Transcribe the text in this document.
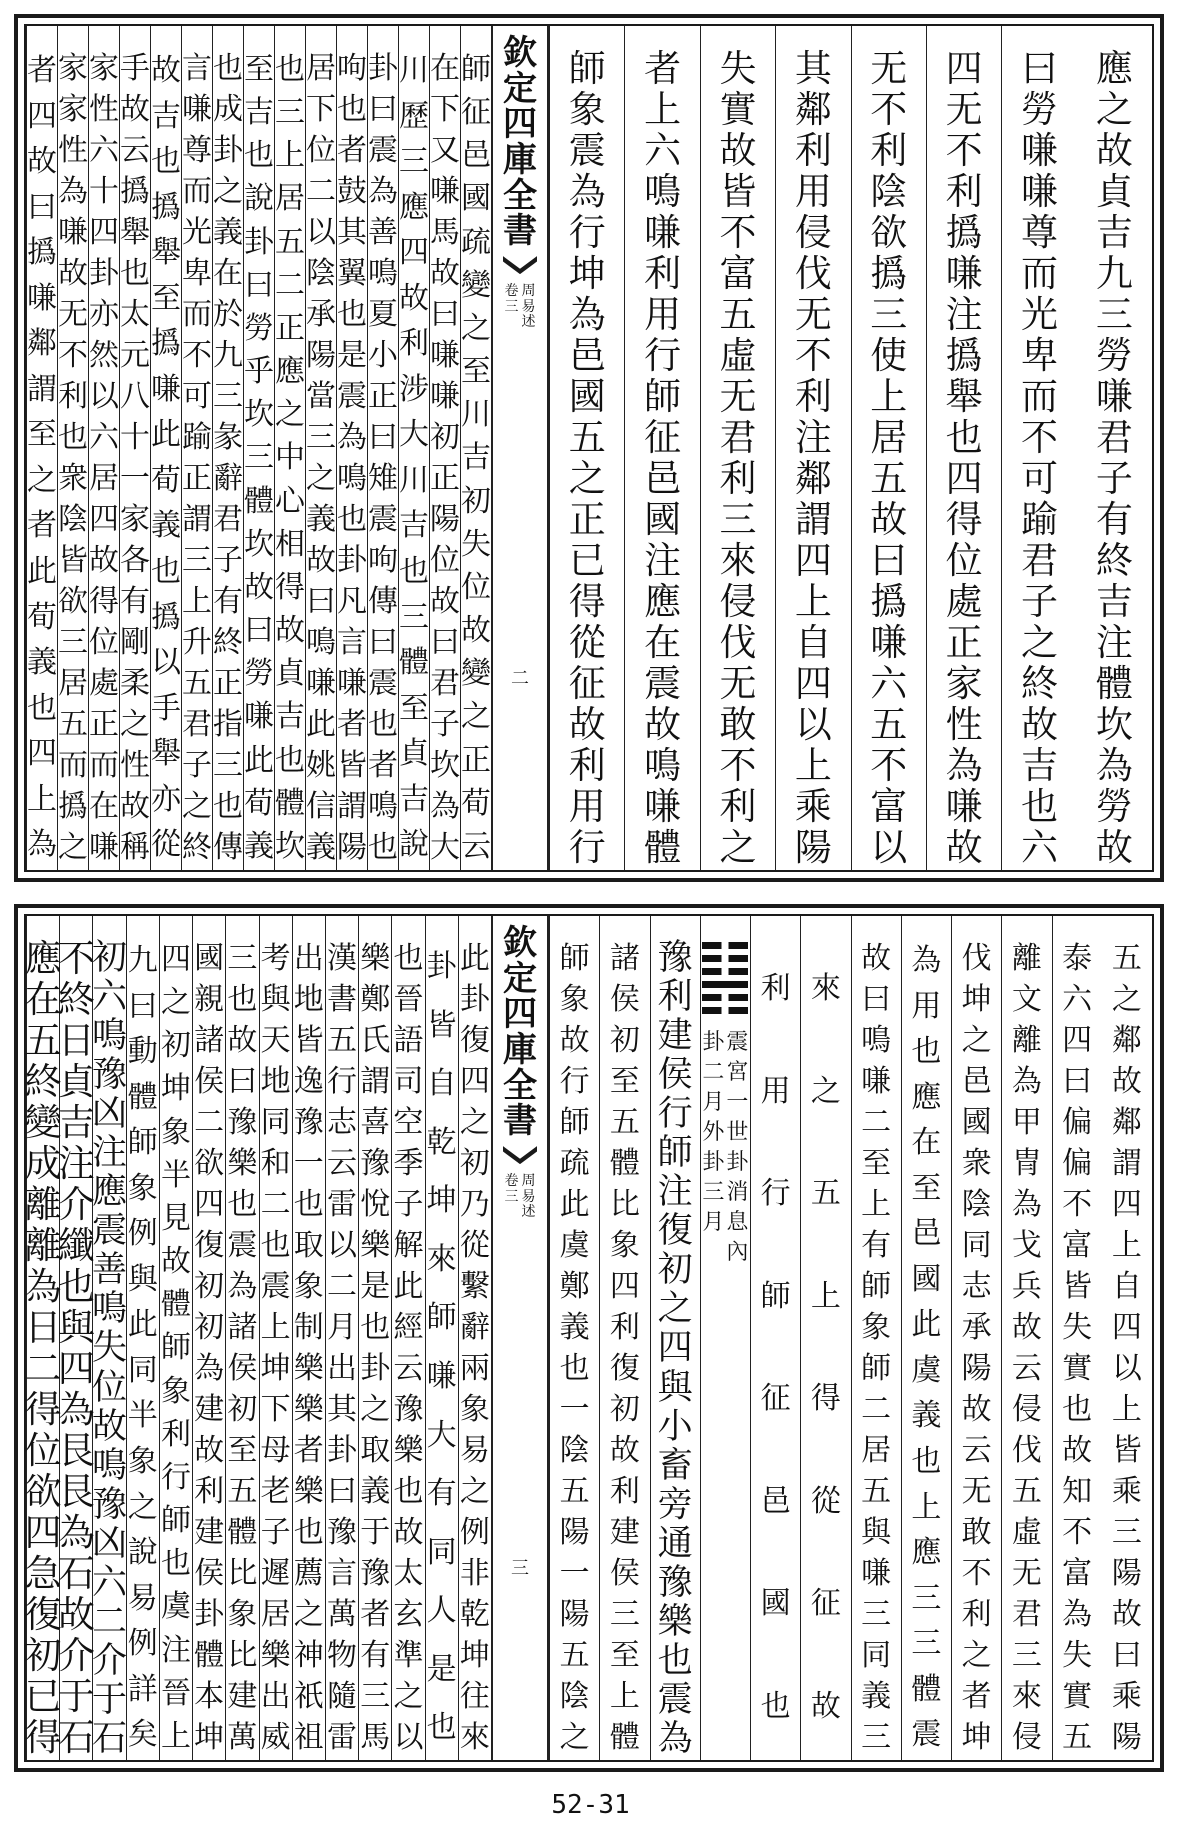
應
之
故
貞
吉
九
三
勞
嗛
君
子
有
終
吉
注
體
坎
為
勞
故
曰
勞
嗛
嗛
尊
而
光
卑
而
不
可
踰
君
子
之
終
故
吉
也
六
四
无
不
利
撝
嗛
注
撝
舉
也
四
得
位
處
正
家
性
為
嗛
故
无
不
利
陰
欲
撝
三
使
上
居
五
故
曰
撝
嗛
六
五
不
富
以
其
鄰
利
用
侵
伐
无
不
利
注
鄰
謂
四
上
自
四
以
上
乘
陽
失
實
故
皆
不
富
五
虛
无
君
利
三
來
侵
伐
无
敢
不
利
之
者
上
六
鳴
嗛
利
用
行
師
征
邑
國
注
應
在
震
故
鳴
嗛
體
師
象
震
為
行
坤
為
邑
國
五
之
正
已
得
從
征
故
利
用
行
欽
定
四
庫
全
書
周
易
述
卷
三
二
師
征
邑
國
疏
變
之
至
川
吉
初
失
位
故
變
之
正
荀
云
在
下
又
嗛
馬
故
曰
嗛
嗛
初
正
陽
位
故
曰
君
子
坎
為
大
川
歷
三
應
四
故
利
涉
大
川
吉
也
三
體
至
貞
吉
說
卦
曰
震
為
善
鳴
夏
小
正
曰
雉
震
呴
傳
曰
震
也
者
鳴
也
呴
也
者
鼓
其
翼
也
是
震
為
鳴
也
卦
凡
言
嗛
者
皆
謂
陽
居
下
位
二
以
陰
承
陽
當
三
之
義
故
曰
鳴
嗛
此
姚
信
義
也
三
上
居
五
二
正
應
之
中
心
相
得
故
貞
吉
也
體
坎
至
吉
也
說
卦
曰
勞
乎
坎
三
體
坎
故
曰
勞
嗛
此
荀
義
也
成
卦
之
義
在
於
九
三
彖
辭
君
子
有
終
正
指
三
也
傳
言
嗛
尊
而
光
卑
而
不
可
踰
正
謂
三
上
升
五
君
子
之
終
故
吉
也
撝
舉
至
撝
嗛
此
荀
義
也
撝
以
手
舉
亦
從
手
故
云
撝
舉
也
太
元
八
十
一
家
各
有
剛
柔
之
性
故
稱
家
性
六
十
四
卦
亦
然
以
六
居
四
故
得
位
處
正
而
在
嗛
家
家
性
為
嗛
故
无
不
利
也
衆
陰
皆
欲
三
居
五
而
撝
之
者
四
故
曰
撝
嗛
鄰
謂
至
之
者
此
荀
義
也
四
上
為
五
之
鄰
故
鄰
謂
四
上
自
四
以
上
皆
乘
三
陽
故
曰
乘
陽
泰
六
四
曰
偏
偏
不
富
皆
失
實
也
故
知
不
富
為
失
實
五
離
文
離
為
甲
冑
為
戈
兵
故
云
侵
伐
五
虛
无
君
三
來
侵
伐
坤
之
邑
國
衆
陰
同
志
承
陽
故
云
无
敢
不
利
之
者
坤
為
用
也
應
在
至
邑
國
此
虞
義
也
上
應
三
三
體
震
故
曰
鳴
嗛
二
至
上
有
師
象
師
二
居
五
與
嗛
三
同
義
三
來
之
五
上
得
從
征
故
利
用
行
師
征
邑
國
也
震
宮
一
世
卦
消
息
內
卦
二
月
外
卦
三
月
豫
利
建
侯
行
師
注
復
初
之
四
與
小
畜
旁
通
豫
樂
也
震
為
諸
侯
初
至
五
體
比
象
四
利
復
初
故
利
建
侯
三
至
上
體
師
象
故
行
師
疏
此
虞
鄭
義
也
一
陰
五
陽
一
陽
五
陰
之
欽
定
四
庫
全
書
周
易
述
卷
三
三
此
卦
復
四
之
初
乃
從
繫
辭
兩
象
易
之
例
非
乾
坤
往
來
卦
皆
自
乾
坤
來
師
嗛
大
有
同
人
是
也
也
晉
語
司
空
季
子
解
此
經
云
豫
樂
也
故
太
玄
準
之
以
樂
鄭
氏
謂
喜
豫
悅
樂
是
也
卦
之
取
義
于
豫
者
有
三
馬
漢
書
五
行
志
云
雷
以
二
月
出
其
卦
曰
豫
言
萬
物
隨
雷
出
地
皆
逸
豫
一
也
取
象
制
樂
樂
者
樂
也
薦
之
神
祇
祖
考
與
天
地
同
和
二
也
震
上
坤
下
母
老
子
遲
居
樂
出
威
三
也
故
曰
豫
樂
也
震
為
諸
侯
初
至
五
體
比
象
比
建
萬
國
親
諸
侯
二
欲
四
復
初
初
為
建
故
利
建
侯
卦
體
本
坤
四
之
初
坤
象
半
見
故
體
師
象
利
行
師
也
虞
注
晉
上
九
曰
動
體
師
象
例
與
此
同
半
象
之
說
易
例
詳
矣
初
六
鳴
豫
凶
注
應
震
善
鳴
失
位
故
鳴
豫
凶
六
二
介
于
石
不
終
日
貞
吉
注
介
纖
也
與
四
為
艮
艮
為
石
故
介
于
石
應
在
五
終
變
成
離
離
為
日
二
得
位
欲
四
急
復
初
已
得
52-31
